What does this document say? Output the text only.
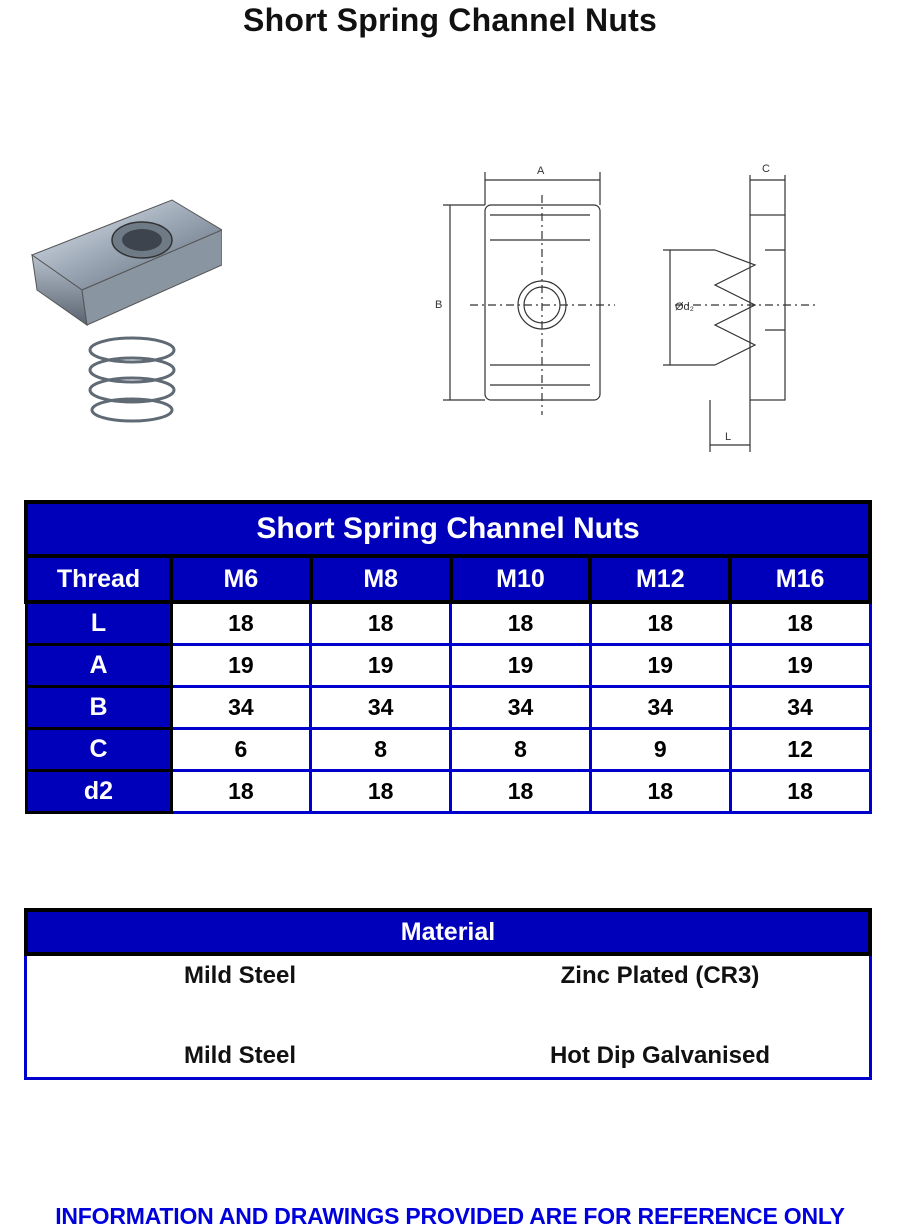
Short Spring Channel Nuts
A
B
C
Ød₂
L
Short Spring Channel Nuts					
Thread	M6	M8	M10	M12	M16
L	18	18	18	18	18
A	19	19	19	19	19
B	34	34	34	34	34
C	6	8	8	9	12
d2	18	18	18	18	18
Material
Mild Steel	Zinc Plated (CR3)
Mild Steel	Hot Dip Galvanised
INFORMATION AND DRAWINGS PROVIDED ARE FOR REFERENCE ONLY
